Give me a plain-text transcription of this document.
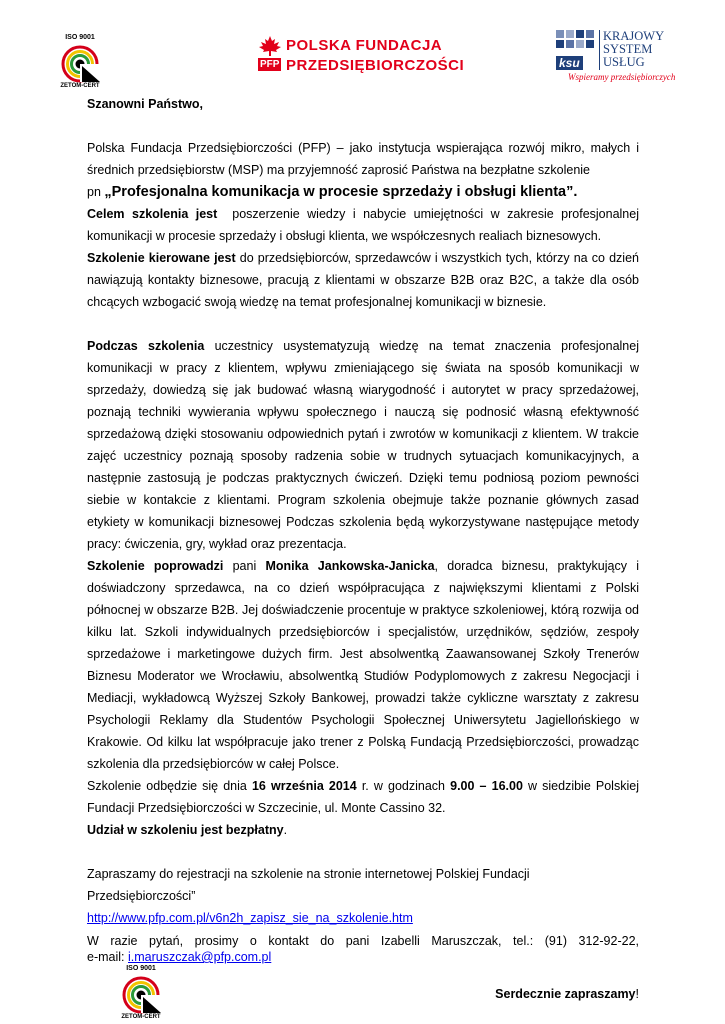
ISO 9001
ZETOM-CERT
PFP
POLSKA FUNDACJA
PRZEDSIĘBIORCZOŚCI	ksu
KRAJOWY
SYSTEM
USŁUG
Wspieramy przedsiębiorczych

Szanowni Państwo,

Polska Fundacja Przedsiębiorczości (PFP) – jako instytucja wspierająca rozwój mikro, małych i średnich przedsiębiorstw (MSP) ma przyjemność zaprosić Państwa na bezpłatne szkolenie
pn „Profesjonalna komunikacja w procesie sprzedaży i obsługi klienta”.

Celem szkolenia jest poszerzenie wiedzy i nabycie umiejętności w zakresie profesjonalnej komunikacji w procesie sprzedaży i obsługi klienta, we współczesnych realiach biznesowych.

Szkolenie kierowane jest do przedsiębiorców, sprzedawców i wszystkich tych, którzy na co dzień nawiązują kontakty biznesowe, pracują z klientami w obszarze B2B oraz B2C, a także dla osób chcących wzbogacić swoją wiedzę na temat profesjonalnej komunikacji w biznesie.

Podczas szkolenia uczestnicy usystematyzują wiedzę na temat znaczenia profesjonalnej komunikacji w pracy z klientem, wpływu zmieniającego się świata na sposób komunikacji w sprzedaży, dowiedzą się jak budować własną wiarygodność i autorytet w pracy sprzedażowej, poznają techniki wywierania wpływu społecznego i nauczą się podnosić własną efektywność sprzedażową dzięki stosowaniu odpowiednich pytań i zwrotów w komunikacji z klientem. W trakcie zajęć uczestnicy poznają sposoby radzenia sobie w trudnych sytuacjach komunikacyjnych, a następnie zastosują je podczas praktycznych ćwiczeń. Dzięki temu podniosą poziom pewności siebie w kontakcie z klientami. Program szkolenia obejmuje także poznanie głównych zasad etykiety w komunikacji biznesowej Podczas szkolenia będą wykorzystywane następujące metody pracy: ćwiczenia, gry, wykład oraz prezentacja.

Szkolenie poprowadzi pani Monika Jankowska-Janicka, doradca biznesu, praktykujący i doświadczony sprzedawca, na co dzień współpracująca z największymi klientami z Polski północnej w obszarze B2B. Jej doświadczenie procentuje w praktyce szkoleniowej, którą rozwija od kilku lat. Szkoli indywidualnych przedsiębiorców i specjalistów, urzędników, sędziów, zespoły sprzedażowe i marketingowe dużych firm. Jest absolwentką Zaawansowanej Szkoły Trenerów Biznesu Moderator we Wrocławiu, absolwentką Studiów Podyplomowych z zakresu Negocjacji i Mediacji, wykładowcą Wyższej Szkoły Bankowej, prowadzi także cykliczne warsztaty z zakresu Psychologii Reklamy dla Studentów Psychologii Społecznej Uniwersytetu Jagiellońskiego w Krakowie. Od kilku lat współpracuje jako trener z Polską Fundacją Przedsiębiorczości, prowadząc szkolenia dla przedsiębiorców w całej Polsce.

Szkolenie odbędzie się dnia 16 września 2014 r. w godzinach 9.00 – 16.00 w siedzibie Polskiej Fundacji Przedsiębiorczości w Szczecinie, ul. Monte Cassino 32.

Udział w szkoleniu jest bezpłatny.

Zapraszamy do rejestracji na szkolenie na stronie internetowej Polskiej Fundacji Przedsiębiorczości”
http://www.pfp.com.pl/v6n2h_zapisz_sie_na_szkolenie.htm

W razie pytań, prosimy o kontakt do pani Izabelli Maruszczak, tel.: (91) 312-92-22,
e-mail: i.maruszczak@pfp.com.pl

Serdecznie zapraszamy!

ISO 9001
ZETOM-CERT
